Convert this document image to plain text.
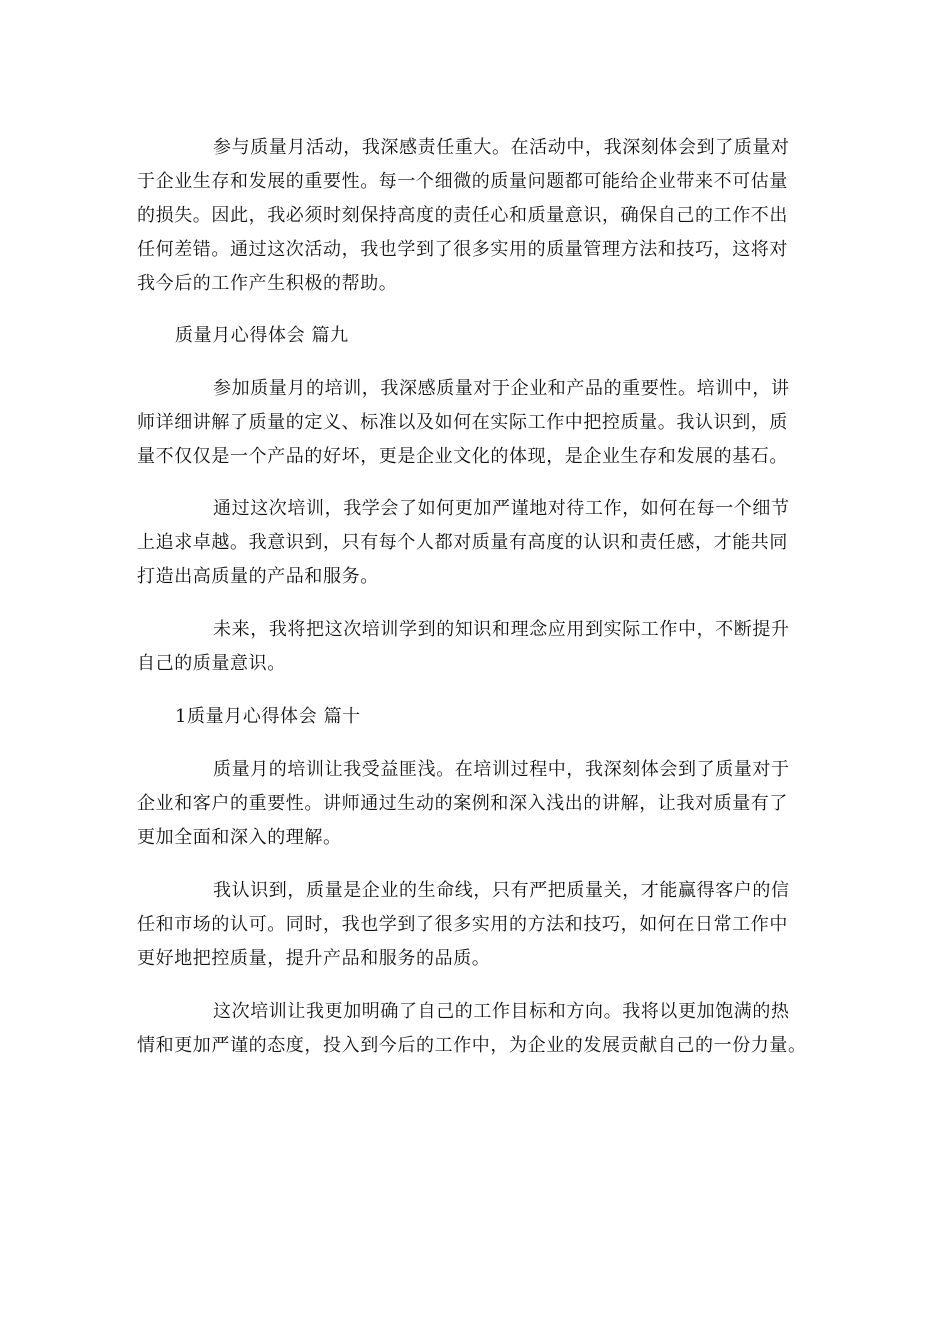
参与质量月活动，我深感责任重大。在活动中，我深刻体会到了质量对
于企业生存和发展的重要性。每一个细微的质量问题都可能给企业带来不可估量
的损失。因此，我必须时刻保持高度的责任心和质量意识，确保自己的工作不出
任何差错。通过这次活动，我也学到了很多实用的质量管理方法和技巧，这将对
我今后的工作产生积极的帮助。
质量月心得体会 篇九
参加质量月的培训，我深感质量对于企业和产品的重要性。培训中，讲
师详细讲解了质量的定义、标准以及如何在实际工作中把控质量。我认识到，质
量不仅仅是一个产品的好坏，更是企业文化的体现，是企业生存和发展的基石。
通过这次培训，我学会了如何更加严谨地对待工作，如何在每一个细节
上追求卓越。我意识到，只有每个人都对质量有高度的认识和责任感，才能共同
打造出高质量的产品和服务。
未来，我将把这次培训学到的知识和理念应用到实际工作中，不断提升
自己的质量意识。
1质量月心得体会 篇十
质量月的培训让我受益匪浅。在培训过程中，我深刻体会到了质量对于
企业和客户的重要性。讲师通过生动的案例和深入浅出的讲解，让我对质量有了
更加全面和深入的理解。
我认识到，质量是企业的生命线，只有严把质量关，才能赢得客户的信
任和市场的认可。同时，我也学到了很多实用的方法和技巧，如何在日常工作中
更好地把控质量，提升产品和服务的品质。
这次培训让我更加明确了自己的工作目标和方向。我将以更加饱满的热
情和更加严谨的态度，投入到今后的工作中，为企业的发展贡献自己的一份力量。
